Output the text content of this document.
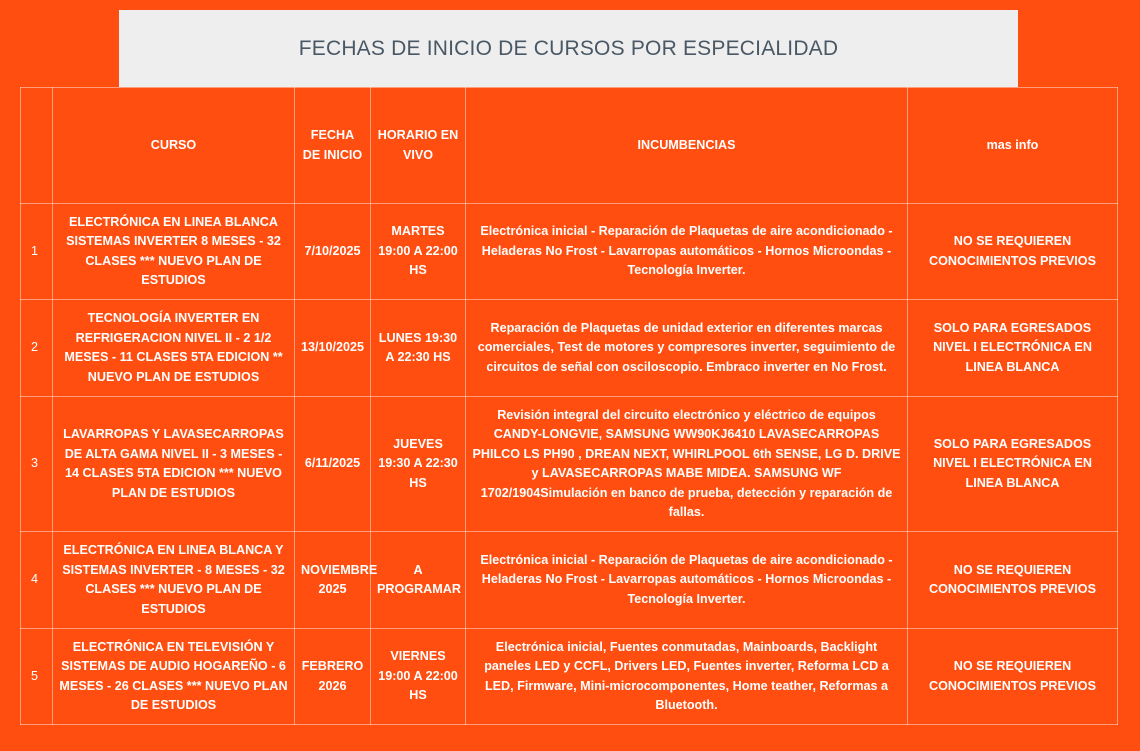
FECHAS DE INICIO DE CURSOS POR ESPECIALIDAD
	CURSO	FECHA DE INICIO	HORARIO EN VIVO	INCUMBENCIAS	mas info
1	ELECTRÓNICA EN LINEA BLANCA SISTEMAS INVERTER 8 MESES - 32 CLASES *** NUEVO PLAN DE ESTUDIOS	7/10/2025	MARTES 19:00 A 22:00 HS	Electrónica inicial - Reparación de Plaquetas de aire acondicionado - Heladeras No Frost - Lavarropas automáticos - Hornos Microondas - Tecnología Inverter.	NO SE REQUIEREN CONOCIMIENTOS PREVIOS
2	TECNOLOGÍA INVERTER EN REFRIGERACION NIVEL II - 2 1/2 MESES - 11 CLASES 5TA EDICION ** NUEVO PLAN DE ESTUDIOS	13/10/2025	LUNES 19:30 A 22:30 HS	Reparación de Plaquetas de unidad exterior en diferentes marcas comerciales, Test de motores y compresores inverter, seguimiento de circuitos de señal con osciloscopio. Embraco inverter en No Frost.	SOLO PARA EGRESADOS NIVEL I ELECTRÓNICA EN LINEA BLANCA
3	LAVARROPAS Y LAVASECARROPAS DE ALTA GAMA NIVEL II - 3 MESES - 14 CLASES 5TA EDICION *** NUEVO PLAN DE ESTUDIOS	6/11/2025	JUEVES 19:30 A 22:30 HS	Revisión integral del circuito electrónico y eléctrico de equipos CANDY-LONGVIE, SAMSUNG WW90KJ6410 LAVASECARROPAS PHILCO LS PH90 , DREAN NEXT, WHIRLPOOL 6th SENSE, LG D. DRIVE y LAVASECARROPAS MABE MIDEA. SAMSUNG WF 1702/1904Simulación en banco de prueba, detección y reparación de fallas.	SOLO PARA EGRESADOS NIVEL I ELECTRÓNICA EN LINEA BLANCA
4	ELECTRÓNICA EN LINEA BLANCA Y SISTEMAS INVERTER - 8 MESES - 32 CLASES *** NUEVO PLAN DE ESTUDIOS	NOVIEMBRE 2025	A PROGRAMAR	Electrónica inicial - Reparación de Plaquetas de aire acondicionado - Heladeras No Frost - Lavarropas automáticos - Hornos Microondas - Tecnología Inverter.	NO SE REQUIEREN CONOCIMIENTOS PREVIOS
5	ELECTRÓNICA EN TELEVISIÓN Y SISTEMAS DE AUDIO HOGAREÑO - 6 MESES - 26 CLASES *** NUEVO PLAN DE ESTUDIOS	FEBRERO 2026	VIERNES 19:00 A 22:00 HS	Electrónica inicial, Fuentes conmutadas, Mainboards, Backlight paneles LED y CCFL, Drivers LED, Fuentes inverter, Reforma LCD a LED, Firmware, Mini-microcomponentes, Home teather, Reformas a Bluetooth.	NO SE REQUIEREN CONOCIMIENTOS PREVIOS
